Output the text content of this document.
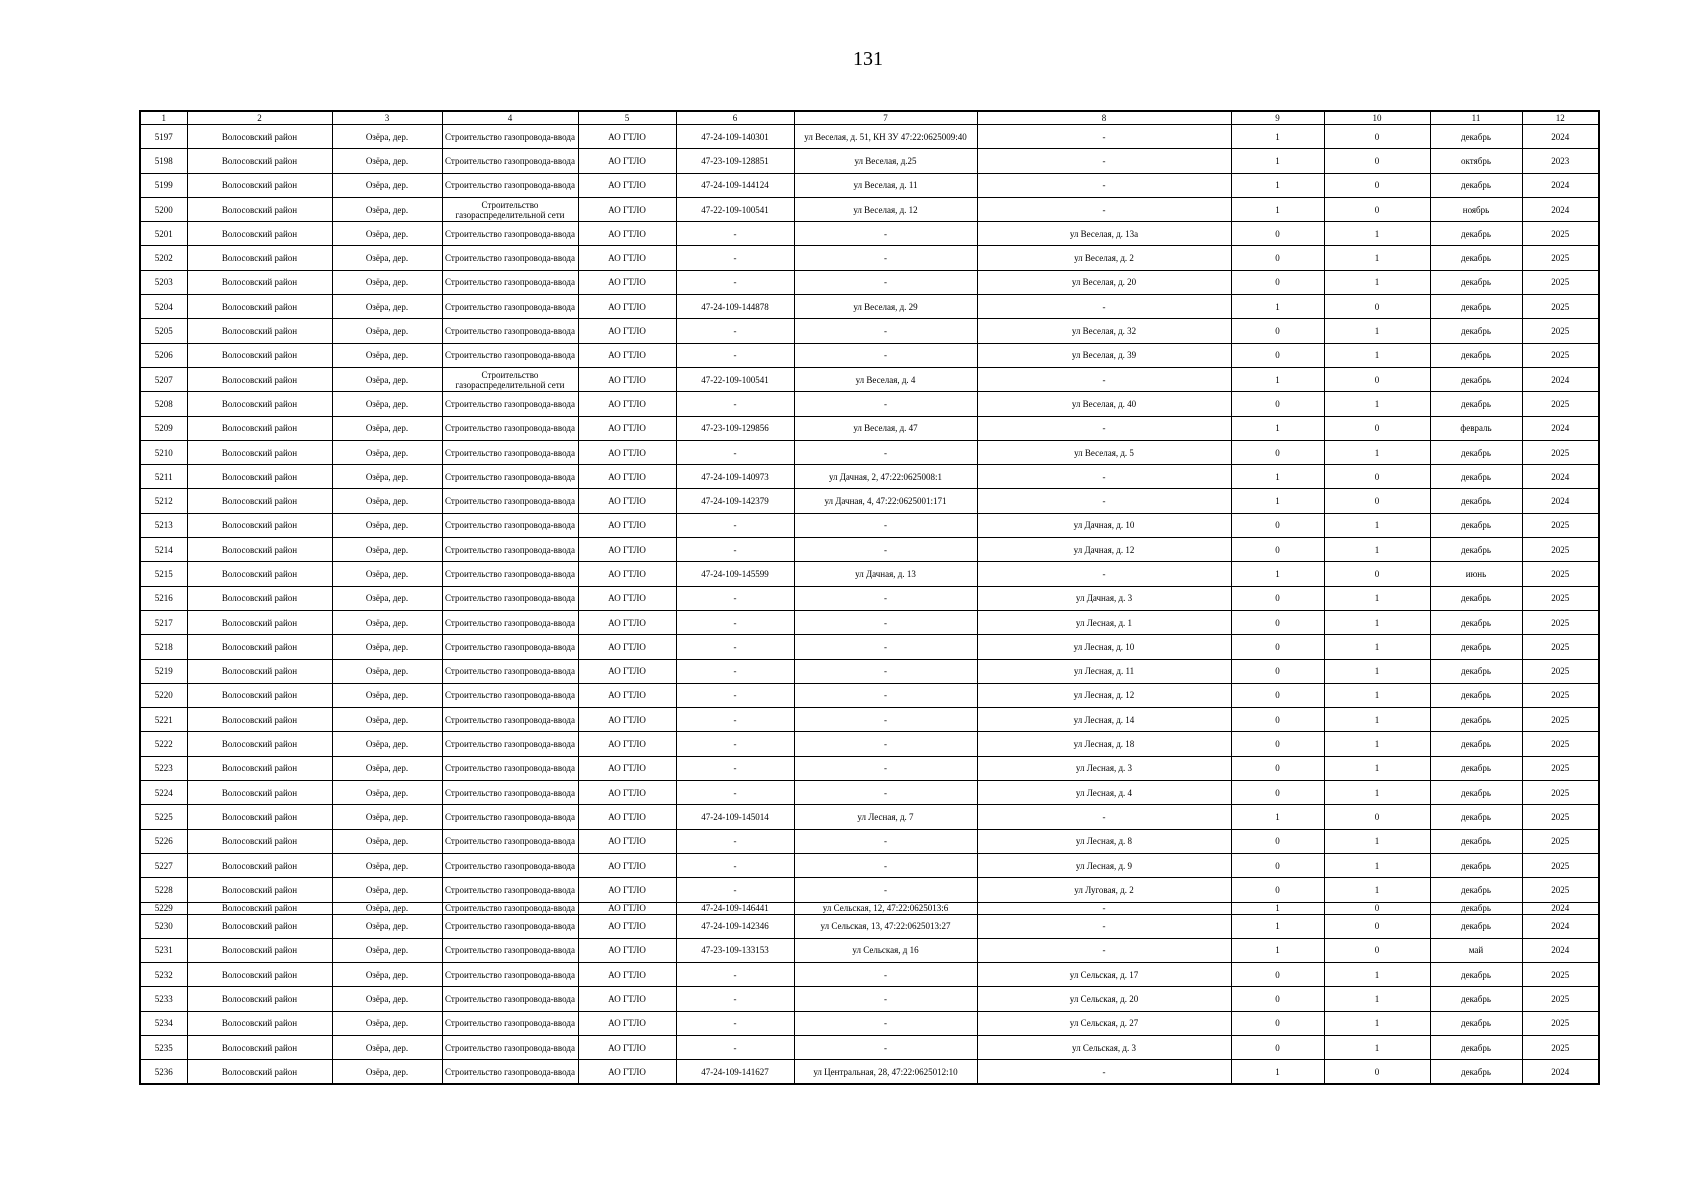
131
1	2	3	4	5	6	7	8	9	10	11	12
5197	Волосовский район	Озёра, дер.	Строительство газопровода-ввода	АО ГТЛО	47-24-109-140301	ул Веселая, д. 51, КН ЗУ 47:22:0625009:40	-	1	0	декабрь	2024
5198	Волосовский район	Озёра, дер.	Строительство газопровода-ввода	АО ГТЛО	47-23-109-128851	ул Веселая, д.25	-	1	0	октябрь	2023
5199	Волосовский район	Озёра, дер.	Строительство газопровода-ввода	АО ГТЛО	47-24-109-144124	ул Веселая, д. 11	-	1	0	декабрь	2024
5200	Волосовский район	Озёра, дер.	Строительство газораспределительной сети	АО ГТЛО	47-22-109-100541	ул Веселая, д. 12	-	1	0	ноябрь	2024
5201	Волосовский район	Озёра, дер.	Строительство газопровода-ввода	АО ГТЛО	-	-	ул Веселая, д. 13а	0	1	декабрь	2025
5202	Волосовский район	Озёра, дер.	Строительство газопровода-ввода	АО ГТЛО	-	-	ул Веселая, д. 2	0	1	декабрь	2025
5203	Волосовский район	Озёра, дер.	Строительство газопровода-ввода	АО ГТЛО	-	-	ул Веселая, д. 20	0	1	декабрь	2025
5204	Волосовский район	Озёра, дер.	Строительство газопровода-ввода	АО ГТЛО	47-24-109-144878	ул Веселая, д. 29	-	1	0	декабрь	2025
5205	Волосовский район	Озёра, дер.	Строительство газопровода-ввода	АО ГТЛО	-	-	ул Веселая, д. 32	0	1	декабрь	2025
5206	Волосовский район	Озёра, дер.	Строительство газопровода-ввода	АО ГТЛО	-	-	ул Веселая, д. 39	0	1	декабрь	2025
5207	Волосовский район	Озёра, дер.	Строительство газораспределительной сети	АО ГТЛО	47-22-109-100541	ул Веселая, д. 4	-	1	0	декабрь	2024
5208	Волосовский район	Озёра, дер.	Строительство газопровода-ввода	АО ГТЛО	-	-	ул Веселая, д. 40	0	1	декабрь	2025
5209	Волосовский район	Озёра, дер.	Строительство газопровода-ввода	АО ГТЛО	47-23-109-129856	ул Веселая, д. 47	-	1	0	февраль	2024
5210	Волосовский район	Озёра, дер.	Строительство газопровода-ввода	АО ГТЛО	-	-	ул Веселая, д. 5	0	1	декабрь	2025
5211	Волосовский район	Озёра, дер.	Строительство газопровода-ввода	АО ГТЛО	47-24-109-140973	ул Дачная, 2, 47:22:0625008:1	-	1	0	декабрь	2024
5212	Волосовский район	Озёра, дер.	Строительство газопровода-ввода	АО ГТЛО	47-24-109-142379	ул Дачная, 4, 47:22:0625001:171	-	1	0	декабрь	2024
5213	Волосовский район	Озёра, дер.	Строительство газопровода-ввода	АО ГТЛО	-	-	ул Дачная, д. 10	0	1	декабрь	2025
5214	Волосовский район	Озёра, дер.	Строительство газопровода-ввода	АО ГТЛО	-	-	ул Дачная, д. 12	0	1	декабрь	2025
5215	Волосовский район	Озёра, дер.	Строительство газопровода-ввода	АО ГТЛО	47-24-109-145599	ул Дачная, д. 13	-	1	0	июнь	2025
5216	Волосовский район	Озёра, дер.	Строительство газопровода-ввода	АО ГТЛО	-	-	ул Дачная, д. 3	0	1	декабрь	2025
5217	Волосовский район	Озёра, дер.	Строительство газопровода-ввода	АО ГТЛО	-	-	ул Лесная, д. 1	0	1	декабрь	2025
5218	Волосовский район	Озёра, дер.	Строительство газопровода-ввода	АО ГТЛО	-	-	ул Лесная, д. 10	0	1	декабрь	2025
5219	Волосовский район	Озёра, дер.	Строительство газопровода-ввода	АО ГТЛО	-	-	ул Лесная, д. 11	0	1	декабрь	2025
5220	Волосовский район	Озёра, дер.	Строительство газопровода-ввода	АО ГТЛО	-	-	ул Лесная, д. 12	0	1	декабрь	2025
5221	Волосовский район	Озёра, дер.	Строительство газопровода-ввода	АО ГТЛО	-	-	ул Лесная, д. 14	0	1	декабрь	2025
5222	Волосовский район	Озёра, дер.	Строительство газопровода-ввода	АО ГТЛО	-	-	ул Лесная, д. 18	0	1	декабрь	2025
5223	Волосовский район	Озёра, дер.	Строительство газопровода-ввода	АО ГТЛО	-	-	ул Лесная, д. 3	0	1	декабрь	2025
5224	Волосовский район	Озёра, дер.	Строительство газопровода-ввода	АО ГТЛО	-	-	ул Лесная, д. 4	0	1	декабрь	2025
5225	Волосовский район	Озёра, дер.	Строительство газопровода-ввода	АО ГТЛО	47-24-109-145014	ул Лесная, д. 7	-	1	0	декабрь	2025
5226	Волосовский район	Озёра, дер.	Строительство газопровода-ввода	АО ГТЛО	-	-	ул Лесная, д. 8	0	1	декабрь	2025
5227	Волосовский район	Озёра, дер.	Строительство газопровода-ввода	АО ГТЛО	-	-	ул Лесная, д. 9	0	1	декабрь	2025
5228	Волосовский район	Озёра, дер.	Строительство газопровода-ввода	АО ГТЛО	-	-	ул Луговая, д. 2	0	1	декабрь	2025
5229	Волосовский район	Озёра, дер.	Строительство газопровода-ввода	АО ГТЛО	47-24-109-146441	ул Сельская, 12, 47:22:0625013:6	-	1	0	декабрь	2024
5230	Волосовский район	Озёра, дер.	Строительство газопровода-ввода	АО ГТЛО	47-24-109-142346	ул Сельская, 13, 47:22:0625013:27	-	1	0	декабрь	2024
5231	Волосовский район	Озёра, дер.	Строительство газопровода-ввода	АО ГТЛО	47-23-109-133153	ул Сельская, д 16	-	1	0	май	2024
5232	Волосовский район	Озёра, дер.	Строительство газопровода-ввода	АО ГТЛО	-	-	ул Сельская, д. 17	0	1	декабрь	2025
5233	Волосовский район	Озёра, дер.	Строительство газопровода-ввода	АО ГТЛО	-	-	ул Сельская, д. 20	0	1	декабрь	2025
5234	Волосовский район	Озёра, дер.	Строительство газопровода-ввода	АО ГТЛО	-	-	ул Сельская, д. 27	0	1	декабрь	2025
5235	Волосовский район	Озёра, дер.	Строительство газопровода-ввода	АО ГТЛО	-	-	ул Сельская, д. 3	0	1	декабрь	2025
5236	Волосовский район	Озёра, дер.	Строительство газопровода-ввода	АО ГТЛО	47-24-109-141627	ул Центральная, 28, 47:22:0625012:10	-	1	0	декабрь	2024
